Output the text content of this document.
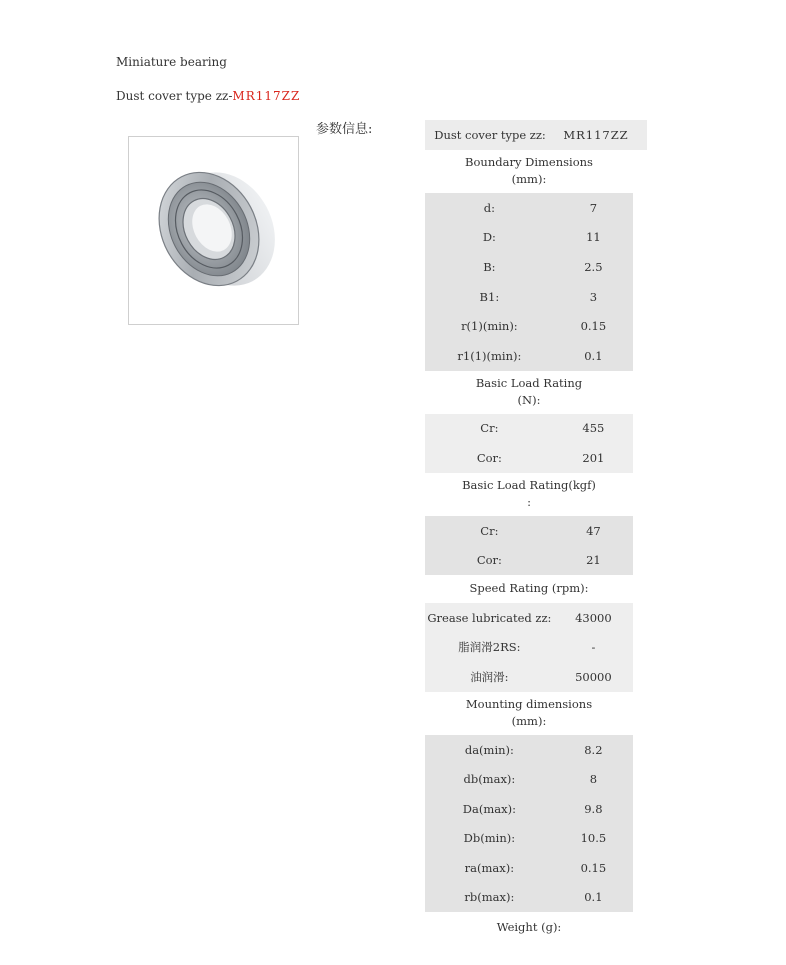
Miniature bearing
Dust cover type zz-MR117ZZ
参数信息:	Dust cover type zz:	MR117ZZ
Boundary Dimensions
(mm):
d:	7
D:	11
B:	2.5
B1:	3
r(1)(min):	0.15
r1(1)(min):	0.1
Basic Load Rating
(N):
Cr:	455
Cor:	201
Basic Load Rating(kgf)
:
Cr:	47
Cor:	21
Speed Rating (rpm):
Grease lubricated zz:	43000
脂润滑2RS:	-
油润滑:	50000
Mounting dimensions
(mm):
da(min):	8.2
db(max):	8
Da(max):	9.8
Db(min):	10.5
ra(max):	0.15
rb(max):	0.1
Weight (g):
